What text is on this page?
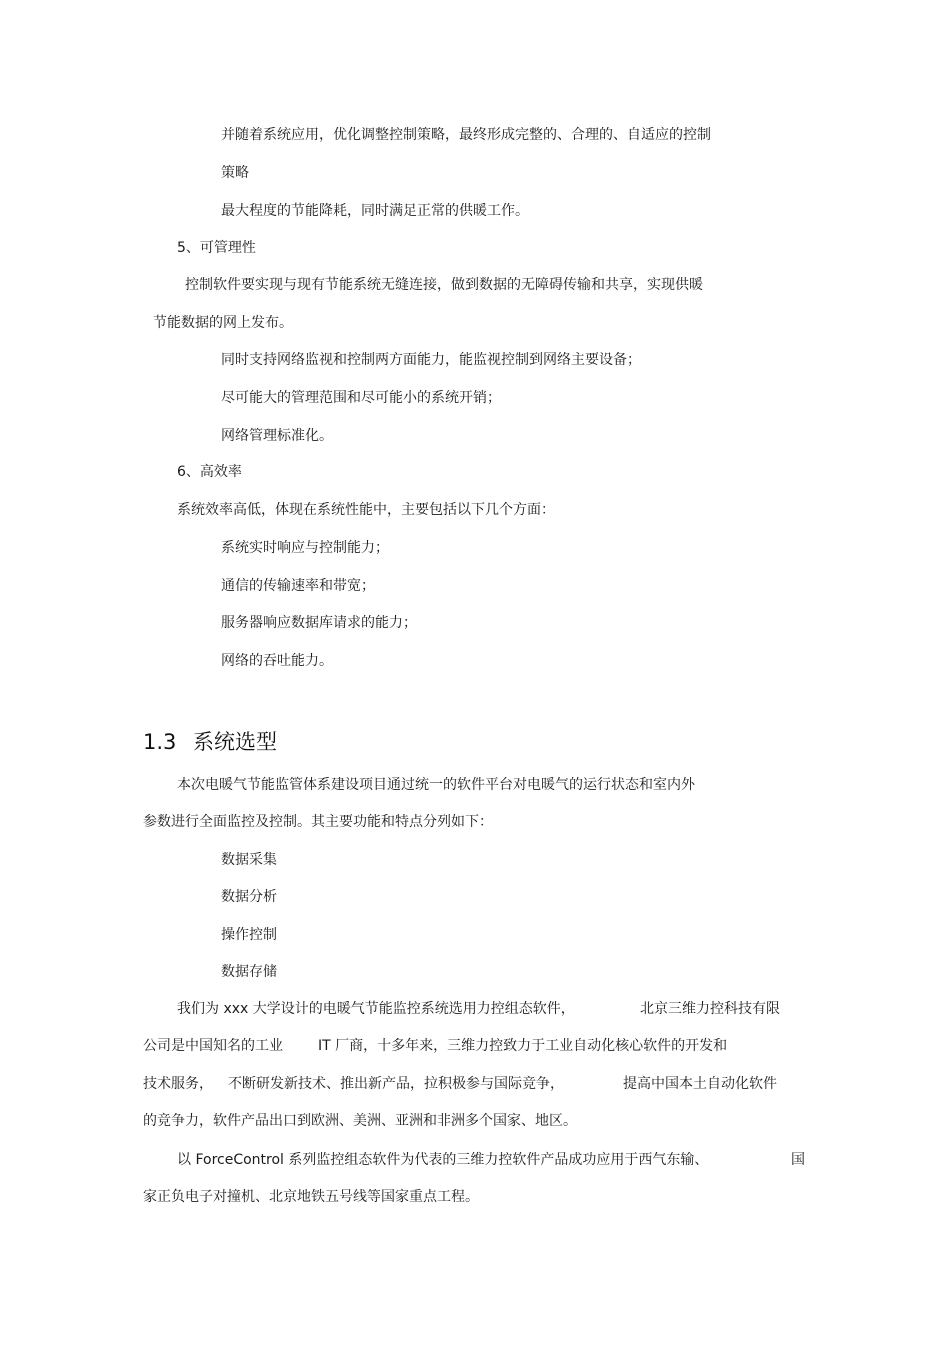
并随着系统应用，优化调整控制策略，最终形成完整的、合理的、自适应的控制
策略
最大程度的节能降耗，同时满足正常的供暖工作。
5、可管理性
控制软件要实现与现有节能系统无缝连接，做到数据的无障碍传输和共享，实现供暖
节能数据的网上发布。
同时支持网络监视和控制两方面能力，能监视控制到网络主要设备；
尽可能大的管理范围和尽可能小的系统开销；
网络管理标准化。
6、高效率
系统效率高低，体现在系统性能中，主要包括以下几个方面：
系统实时响应与控制能力；
通信的传输速率和带宽；
服务器响应数据库请求的能力；
网络的吞吐能力。
1.3 系统选型
本次电暖气节能监管体系建设项目通过统一的软件平台对电暖气的运行状态和室内外
参数进行全面监控及控制。其主要功能和特点分列如下：
数据采集
数据分析
操作控制
数据存储
我们为 xxx 大学设计的电暖气节能监控系统选用力控组态软件，	北京三维力控科技有限
公司是中国知名的工业	IT 厂商，十多年来，三维力控致力于工业自动化核心软件的开发和
技术服务， 不断研发新技术、推出新产品，拉积极参与国际竞争，	提高中国本土自动化软件
的竞争力，软件产品出口到欧洲、美洲、亚洲和非洲多个国家、地区。
以 ForceControl 系列监控组态软件为代表的三维力控软件产品成功应用于西气东输、	国
家正负电子对撞机、北京地铁五号线等国家重点工程。
